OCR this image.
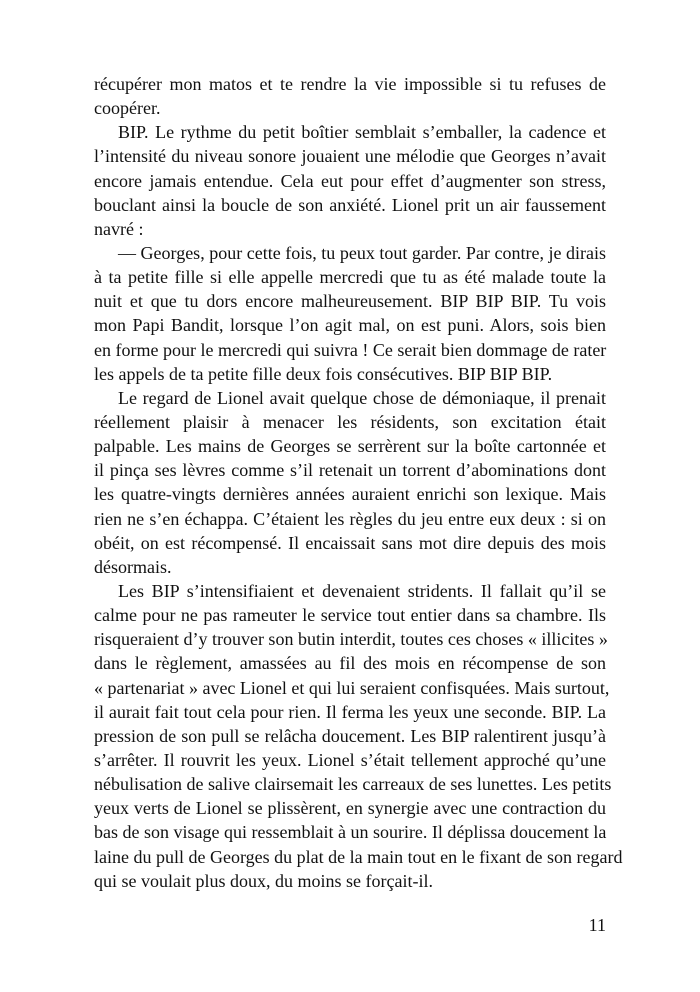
récupérer mon matos et te rendre la vie impossible si tu refuses de
coopérer.
BIP. Le rythme du petit boîtier semblait s’emballer, la cadence et
l’intensité du niveau sonore jouaient une mélodie que Georges n’avait
encore jamais entendue. Cela eut pour effet d’augmenter son stress,
bouclant ainsi la boucle de son anxiété. Lionel prit un air faussement
navré :
— Georges, pour cette fois, tu peux tout garder. Par contre, je dirais
à ta petite fille si elle appelle mercredi que tu as été malade toute la
nuit et que tu dors encore malheureusement. BIP BIP BIP. Tu vois
mon Papi Bandit, lorsque l’on agit mal, on est puni. Alors, sois bien
en forme pour le mercredi qui suivra ! Ce serait bien dommage de rater
les appels de ta petite fille deux fois consécutives. BIP BIP BIP.
Le regard de Lionel avait quelque chose de démoniaque, il prenait
réellement plaisir à menacer les résidents, son excitation était
palpable. Les mains de Georges se serrèrent sur la boîte cartonnée et
il pinça ses lèvres comme s’il retenait un torrent d’abominations dont
les quatre-vingts dernières années auraient enrichi son lexique. Mais
rien ne s’en échappa. C’étaient les règles du jeu entre eux deux : si on
obéit, on est récompensé. Il encaissait sans mot dire depuis des mois
désormais.
Les BIP s’intensifiaient et devenaient stridents. Il fallait qu’il se
calme pour ne pas rameuter le service tout entier dans sa chambre. Ils
risqueraient d’y trouver son butin interdit, toutes ces choses « illicites »
dans le règlement, amassées au fil des mois en récompense de son
« partenariat » avec Lionel et qui lui seraient confisquées. Mais surtout,
il aurait fait tout cela pour rien. Il ferma les yeux une seconde. BIP. La
pression de son pull se relâcha doucement. Les BIP ralentirent jusqu’à
s’arrêter. Il rouvrit les yeux. Lionel s’était tellement approché qu’une
nébulisation de salive clairsemait les carreaux de ses lunettes. Les petits
yeux verts de Lionel se plissèrent, en synergie avec une contraction du
bas de son visage qui ressemblait à un sourire. Il déplissa doucement la
laine du pull de Georges du plat de la main tout en le fixant de son regard
qui se voulait plus doux, du moins se forçait-il.
11
